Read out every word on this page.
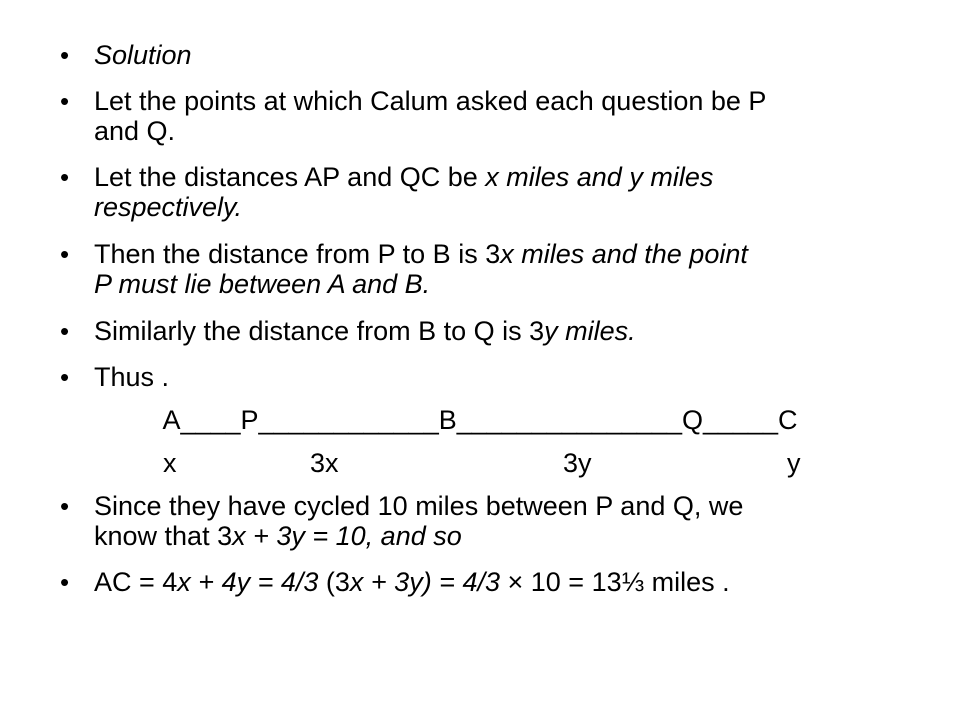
• Solution
• Let the points at which Calum asked each question be P
and Q.
• Let the distances AP and QC be x miles and y miles
respectively.
• Then the distance from P to B is 3x miles and the point
P must lie between A and B.
• Similarly the distance from B to Q is 3y miles.
• Thus .
A____P____________B_______________Q_____C

x

	3x

	3y

	y

• Since they have cycled 10 miles between P and Q, we
know that 3x + 3y = 10, and so
• AC = 4x + 4y = 4/3 (3x + 3y) = 4/3 × 10 = 13⅓ miles .
